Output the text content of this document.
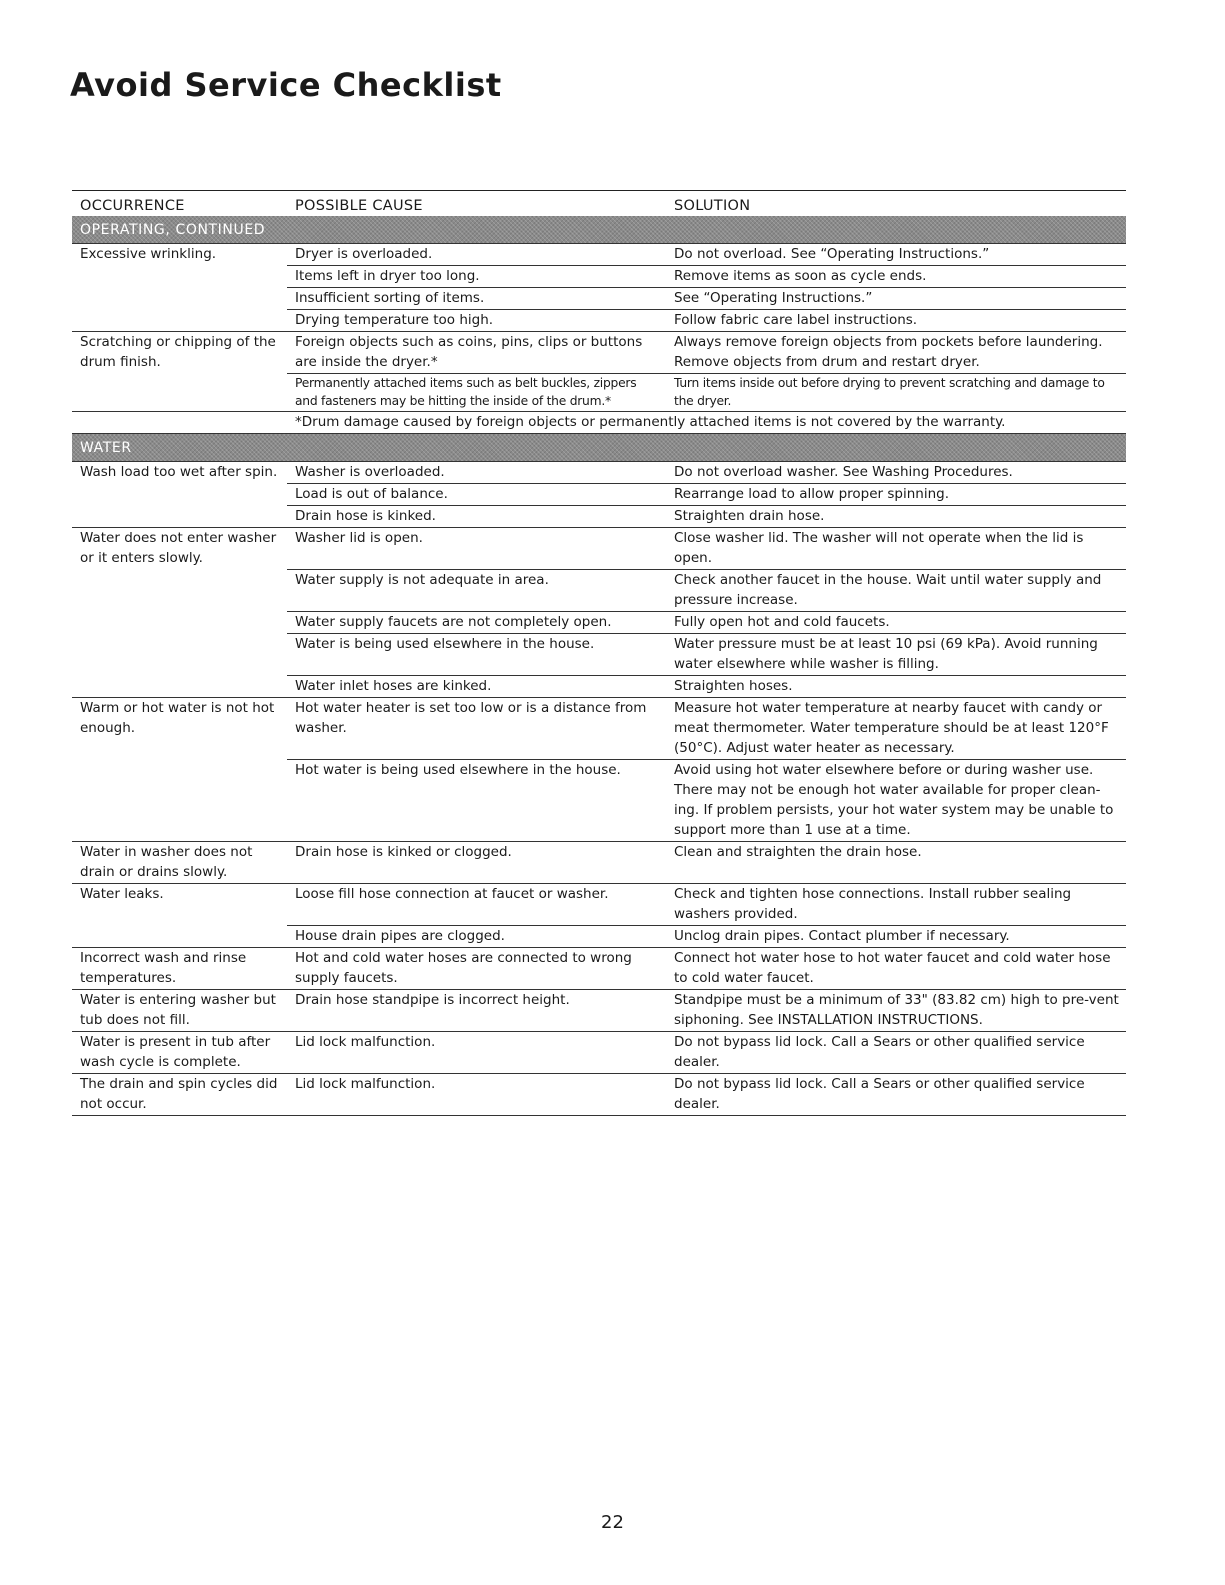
Avoid Service Checklist
OCCURRENCE	POSSIBLE CAUSE	SOLUTION
OPERATING, CONTINUED		
Excessive wrinkling.	Dryer is overloaded.	Do not overload. See “Operating Instructions.”
	Items left in dryer too long.	Remove items as soon as cycle ends.
	Insufficient sorting of items.	See “Operating Instructions.”
	Drying temperature too high.	Follow fabric care label instructions.
Scratching or chipping of the drum finish.	Foreign objects such as coins, pins, clips or buttons are inside the dryer.*	Always remove foreign objects from pockets before laundering. Remove objects from drum and restart dryer.
	Permanently attached items such as belt buckles, zippers and fasteners may be hitting the inside of the drum.*	Turn items inside out before drying to prevent scratching and damage to the dryer.
	*Drum damage caused by foreign objects or permanently attached items is not covered by the warranty.	
WATER		
Wash load too wet after spin.	Washer is overloaded.	Do not overload washer. See Washing Procedures.
	Load is out of balance.	Rearrange load to allow proper spinning.
	Drain hose is kinked.	Straighten drain hose.
Water does not enter washer or it enters slowly.	Washer lid is open.	Close washer lid. The washer will not operate when the lid is open.
	Water supply is not adequate in area.	Check another faucet in the house. Wait until water supply and pressure increase.
	Water supply faucets are not completely open.	Fully open hot and cold faucets.
	Water is being used elsewhere in the house.	Water pressure must be at least 10 psi (69 kPa). Avoid running water elsewhere while washer is filling.
	Water inlet hoses are kinked.	Straighten hoses.
Warm or hot water is not hot enough.	Hot water heater is set too low or is a distance from washer.	Measure hot water temperature at nearby faucet with candy or meat thermometer. Water temperature should be at least 120°F (50°C). Adjust water heater as necessary.
	Hot water is being used elsewhere in the house.	Avoid using hot water elsewhere before or during washer use. There may not be enough hot water available for proper clean-ing. If problem persists, your hot water system may be unable to support more than 1 use at a time.
Water in washer does not drain or drains slowly.	Drain hose is kinked or clogged.	Clean and straighten the drain hose.
Water leaks.	Loose fill hose connection at faucet or washer.	Check and tighten hose connections. Install rubber sealing washers provided.
	House drain pipes are clogged.	Unclog drain pipes. Contact plumber if necessary.
Incorrect wash and rinse temperatures.	Hot and cold water hoses are connected to wrong supply faucets.	Connect hot water hose to hot water faucet and cold water hose to cold water faucet.
Water is entering washer but tub does not fill.	Drain hose standpipe is incorrect height.	Standpipe must be a minimum of 33" (83.82 cm) high to pre-vent siphoning. See INSTALLATION INSTRUCTIONS.
Water is present in tub after wash cycle is complete.	Lid lock malfunction.	Do not bypass lid lock. Call a Sears or other qualified service dealer.
The drain and spin cycles did not occur.	Lid lock malfunction.	Do not bypass lid lock. Call a Sears or other qualified service dealer.
22
